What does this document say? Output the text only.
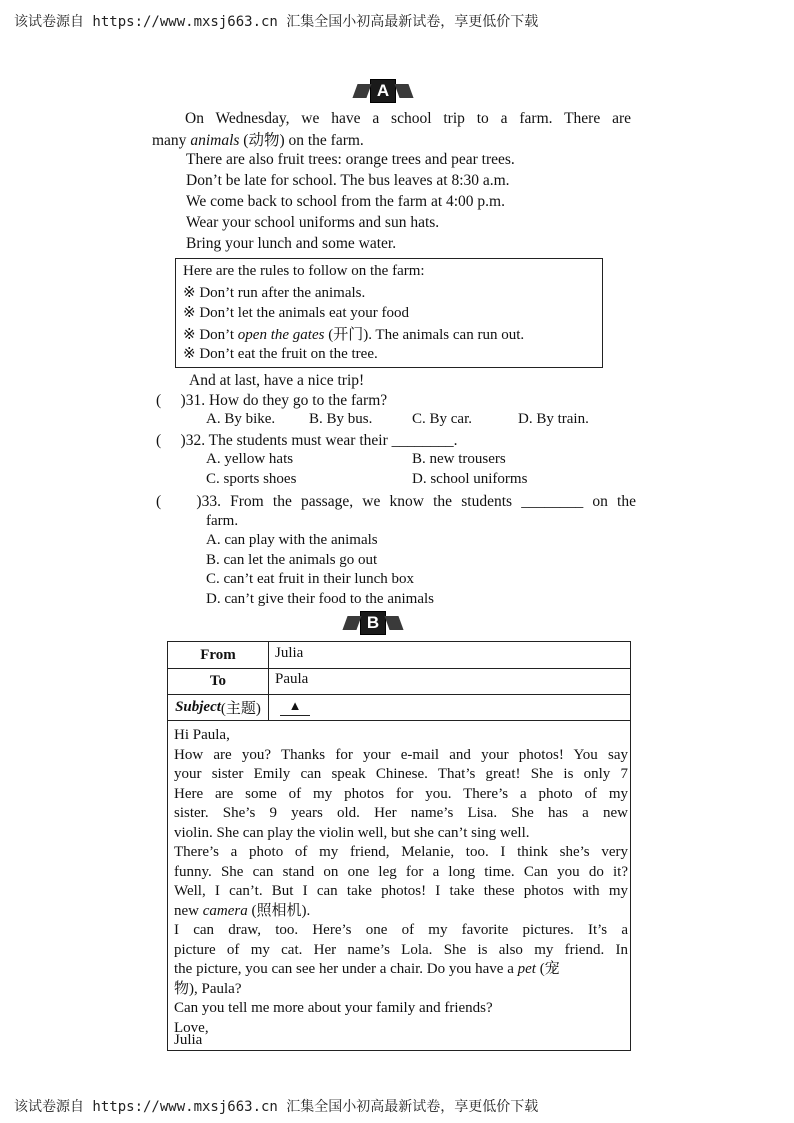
该试卷源自 https://www.mxsj663.cn 汇集全国小初高最新试卷，享更低价下载
A
On Wednesday, we have a school trip to a farm. There are
many animals (动物) on the farm.
There are also fruit trees: orange trees and pear trees.
Don’t be late for school. The bus leaves at 8:30 a.m.
We come back to school from the farm at 4:00 p.m.
Wear your school uniforms and sun hats.
Bring your lunch and some water.
Here are the rules to follow on the farm:
※ Don’t run after the animals.
※ Don’t let the animals eat your food
※ Don’t open the gates (开门). The animals can run out.
※ Don’t eat the fruit on the tree.
And at last, have a nice trip!
(　 )31. How do they go to the farm?
A. By bike. B. By bus.	C. By car.	D. By train.
(　 )32. The students must wear their ________.
A. yellow hats	B. new trousers
C. sports shoes	D. school uniforms
(　 )33. From the passage, we know the students ________ on the
farm.
A. can play with the animals
B. can let the animals go out
C. can’t eat fruit in their lunch box
D. can’t give their food to the animals
B
From	Julia
To	Paula
Subject (主题)	▲
Hi Paula,
How are you? Thanks for your e-mail and your photos! You say
your sister Emily can speak Chinese. That’s great! She is only 7
Here are some of my photos for you. There’s a photo of my
sister. She’s 9 years old. Her name’s Lisa. She has a new
violin. She can play the violin well, but she can’t sing well.
There’s a photo of my friend, Melanie, too. I think she’s very
funny. She can stand on one leg for a long time. Can you do it?
Well, I can’t. But I can take photos! I take these photos with my
new camera (照相机).
I can draw, too. Here’s one of my favorite pictures. It’s a
picture of my cat. Her name’s Lola. She is also my friend. In
the picture, you can see her under a chair. Do you have a pet (宠
物), Paula?
Can you tell me more about your family and friends?
Love,
Julia
该试卷源自 https://www.mxsj663.cn 汇集全国小初高最新试卷，享更低价下载
